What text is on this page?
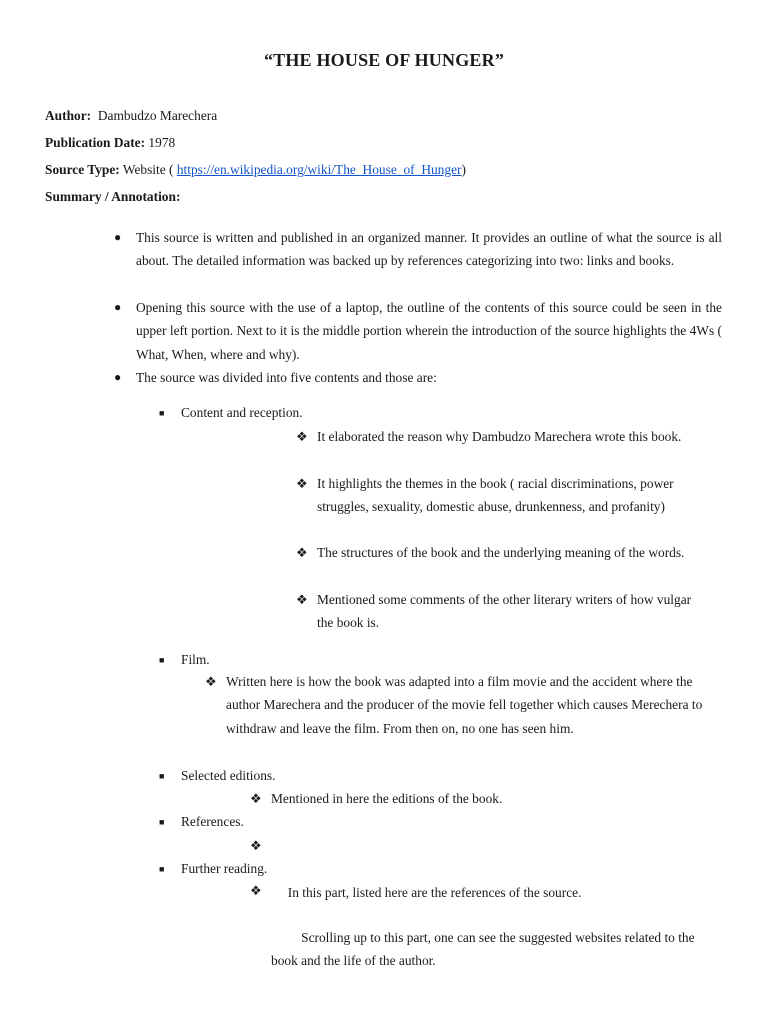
“THE HOUSE OF HUNGER”
Author: Dambudzo Marechera
Publication Date: 1978
Source Type: Website ( https://en.wikipedia.org/wiki/The_House_of_Hunger)
Summary / Annotation:
● This source is written and published in an organized manner. It provides an outline of what the source is all about. The detailed information was backed up by references categorizing into two: links and books.
● Opening this source with the use of a laptop, the outline of the contents of this source could be seen in the upper left portion. Next to it is the middle portion wherein the introduction of the source highlights the 4Ws ( What, When, where and why).
● The source was divided into five contents and those are:
■ Content and reception.
❖ It elaborated the reason why Dambudzo Marechera wrote this book.
❖ It highlights the themes in the book ( racial discriminations, power struggles, sexuality, domestic abuse, drunkenness, and profanity)
❖ The structures of the book and the underlying meaning of the words.
❖ Mentioned some comments of the other literary writers of how vulgar the book is.
■ Film.
❖ Written here is how the book was adapted into a film movie and the accident where the author Marechera and the producer of the movie fell together which causes Merechera to withdraw and leave the film. From then on, no one has seen him.
■ Selected editions.
❖ Mentioned in here the editions of the book.
■ References.

❖

In this part, listed here are the references of the source.

■ Further reading.

❖

Scrolling up to this part, one can see the suggested websites related to the book and the life of the author.
